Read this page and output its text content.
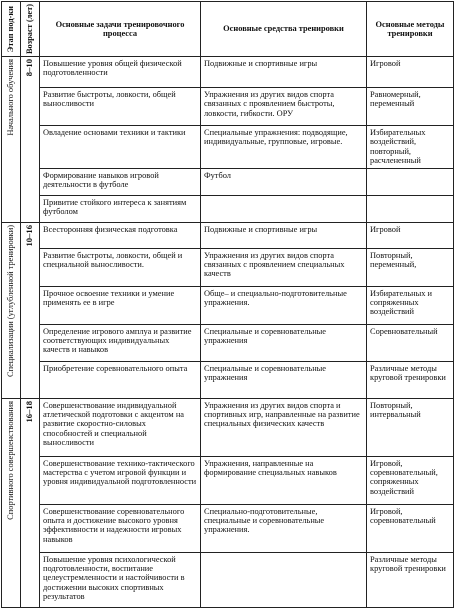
Этап под-ки	Возраст (лет)	Основные задачи тренировочного процесса	Основные средства тренировки	Основные методы тренировки

Начального обучения	8–10	Повышение уровня общей физической подготовленности	Подвижные и спортивные игры	Игровой
		Развитие быстроты, ловкости, общей выносливости	Упражнения из других видов спорта связанных с проявлением быстроты, ловкости, гибкости. ОРУ	Равномерный, переменный
		Овладение основами техники и тактики	Специальные упражнения: подводящие, индивидуальные, групповые, игровые.	Избирательных воздействий, повторный, расчлененный
		Формирование навыков игровой деятельности в футболе	Футбол	
		Привитие стойкого интереса к занятиям футболом		

Специализации (углубленной тренировки)	10–16	Всесторонняя физическая подготовка	Подвижные и спортивные игры	Игровой
		Развитие быстроты, ловкости, общей и специальной выносливости.	Упражнения из других видов спорта связанных с проявлением специальных качеств	Повторный, переменный,
		Прочное освоение техники и умение применять ее в игре	Обще– и специально-подготовительные упражнения.	Избирательных и сопряженных воздействий
		Определение игрового амплуа и развитие соответствующих индивидуальных качеств и навыков	Специальные и соревновательные упражнения	Соревновательный
		Приобретение соревновательного опыта	Специальные и соревновательные упражнения	Различные методы круговой тренировки

Спортивного совершенствования	16–18	Совершенствование индивидуальной атлетической подготовки с акцентом на развитие скоростно-силовых способностей и специальной выносливости	Упражнения из других видов спорта и спортивных игр, направленные на развитие специальных физических качеств	Повторный, интервальный
		Совершенствование технико-тактического мастерства с учетом игровой функции и уровня индивидуальной подготовленности	Упражнения, направленные на формирование специальных навыков	Игровой, соревновательный, сопряженных воздействий
		Совершенствование соревновательного опыта и достижение высокого уровня эффективности и надежности игровых навыков	Специально-подготовительные, специальные и соревновательные упражнения.	Игровой, соревновательный
		Повышение уровня психологической подготовленности, воспитание целеустремленности и настойчивости в достижении высоких спортивных результатов		Различные методы круговой тренировки
